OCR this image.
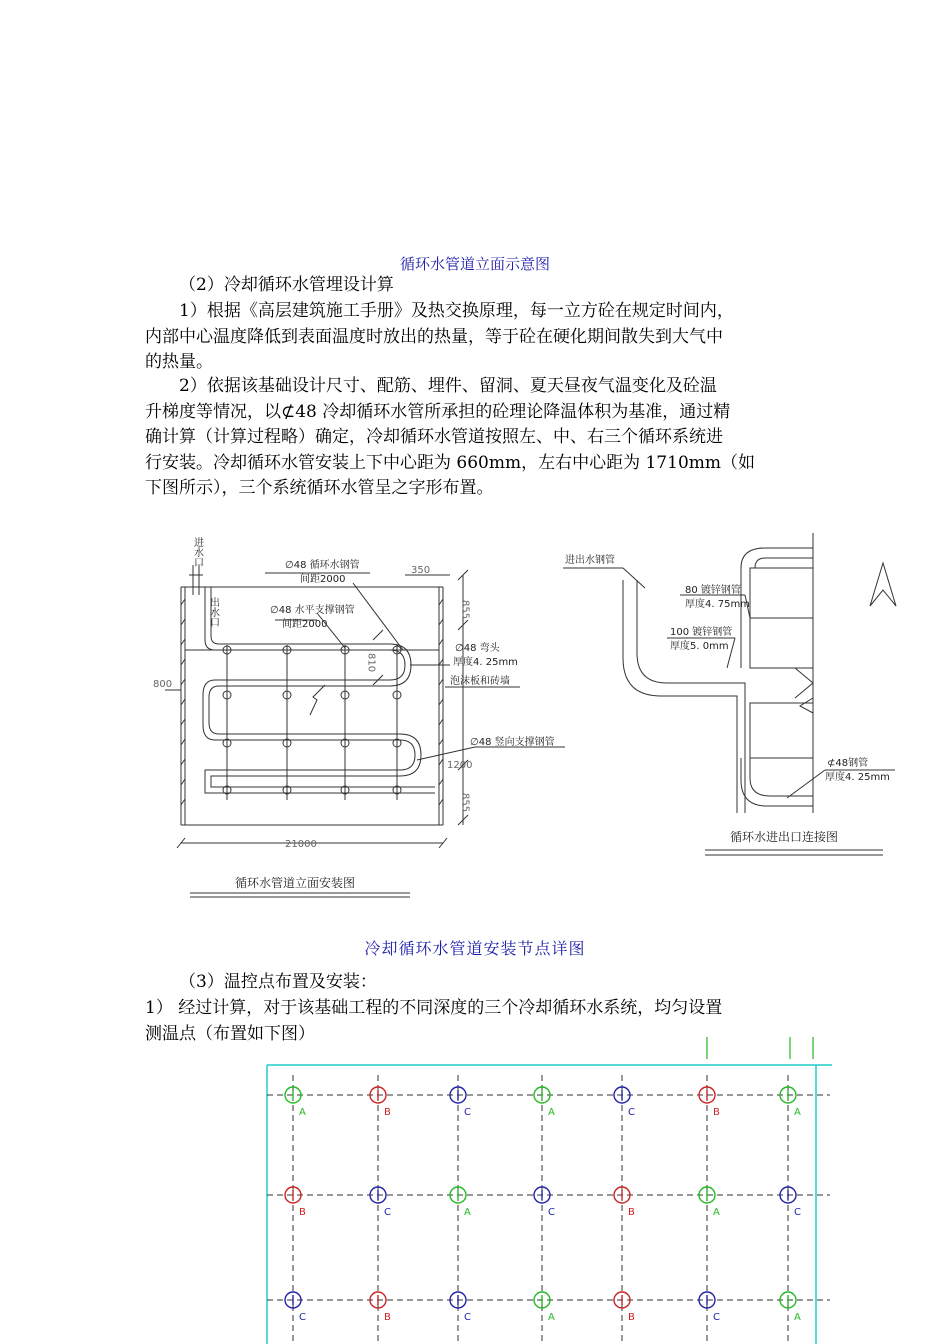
循环水管道立面示意图

（2）冷却循环水管埋设计算

1）根据《高层建筑施工手册》及热交换原理，每一立方砼在规定时间内，
内部中心温度降低到表面温度时放出的热量，等于砼在硬化期间散失到大气中
的热量。

2）依据该基础设计尺寸、配筋、埋件、留洞、夏天昼夜气温变化及砼温
升梯度等情况，以⊄48 冷却循环水管所承担的砼理论降温体积为基准，通过精
确计算（计算过程略）确定，冷却循环水管道按照左、中、右三个循环系统进
行安装。冷却循环水管安装上下中心距为 660mm，左右中心距为 1710mm（如
下图所示），三个系统循环水管呈之字形布置。

进水口
出水口
∅48 循环水钢管
间距2000
∅48 水平支撑钢管
间距2000
∅48 弯头
厚度4. 25mm
泡沫板和砖墙
∅48 竖向支撑钢管
350
855
810
800
1200
855
21000
循环水管道立面安装图
进出水钢管
80 镀锌钢管
厚度4. 75mm
100 镀锌钢管
厚度5. 0mm
⊄48钢管
厚度4. 25mm
循环水进出口连接图
冷却循环水管道安装节点详图

（3）温控点布置及安装：

1） 经过计算，对于该基础工程的不同深度的三个冷却循环水系统，均匀设置
测温点（布置如下图）

A	B	C	A	C	B	A
B	C	A	C	B	A	C
C	B	C	A	B	C	A
